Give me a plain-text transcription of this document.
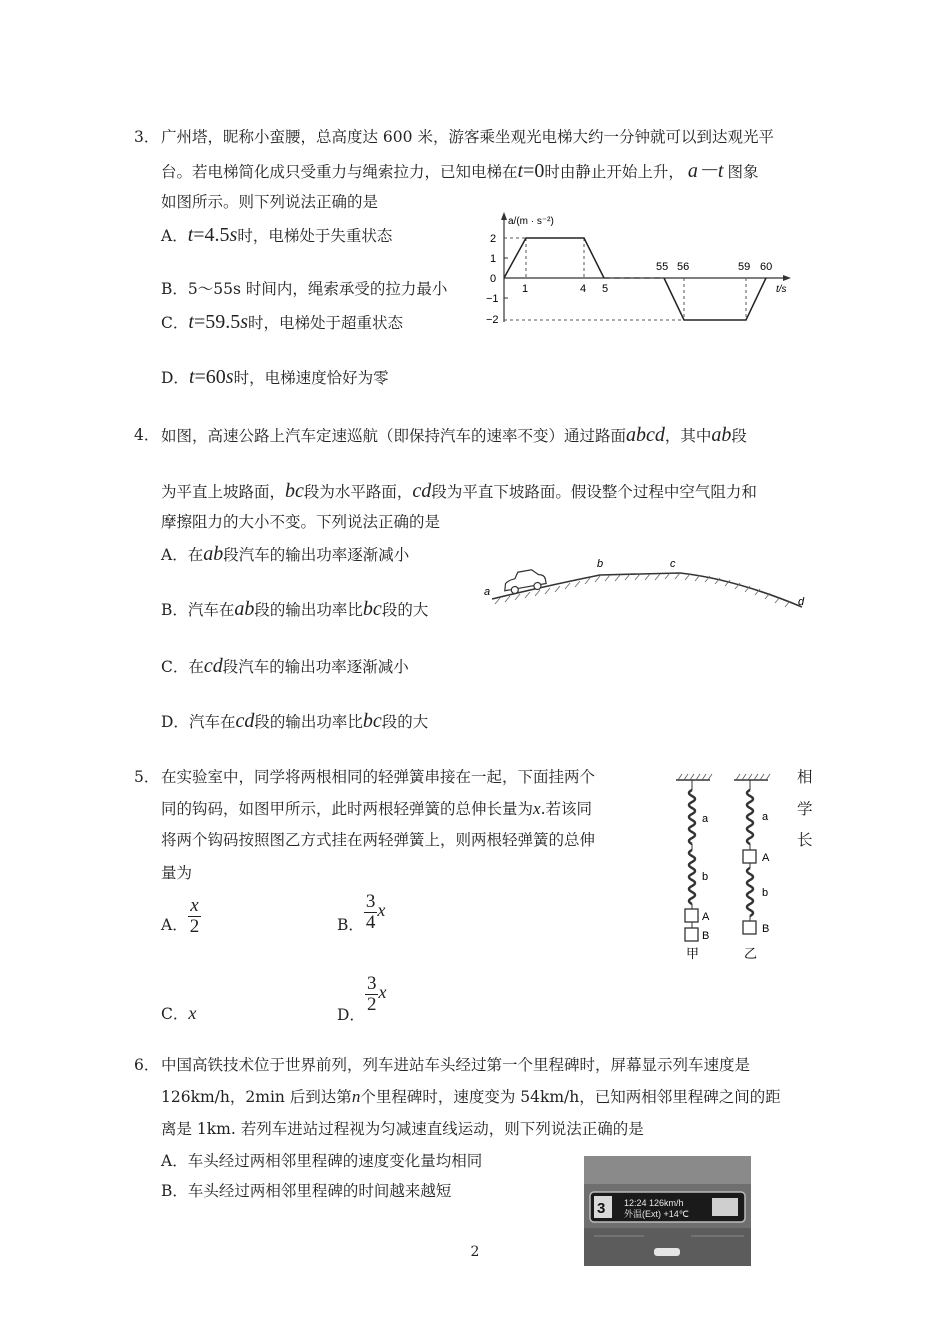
3． 广州塔，昵称小蛮腰，总高度达 600 米，游客乘坐观光电梯大约一分钟就可以到达观光平
台。若电梯简化成只受重力与绳索拉力，已知电梯在t=0时由静止开始上升， a－t 图象
如图所示。则下列说法正确的是
A．t=4.5s时，电梯处于失重状态
B．5～55s 时间内，绳索承受的拉力最小
C．t=59.5s时，电梯处于超重状态
D．t=60s时，电梯速度恰好为零
a/(m · s⁻²)
t/s
2
1
0
−1
−2
1	4 5
55 56	59 60
4． 如图，高速公路上汽车定速巡航（即保持汽车的速率不变）通过路面abcd，其中ab段
为平直上坡路面，bc段为水平路面，cd段为平直下坡路面。假设整个过程中空气阻力和
摩擦阻力的大小不变。下列说法正确的是
A．在ab段汽车的输出功率逐渐减小
B．汽车在ab段的输出功率比bc段的大
C．在cd段汽车的输出功率逐渐减小
D．汽车在cd段的输出功率比bc段的大
a
b	c
d
5． 在实验室中，同学将两根相同的轻弹簧串接在一起，下面挂两个	相
同的钩码，如图甲所示，此时两根轻弹簧的总伸长量为x.若该同	学
将两个钩码按照图乙方式挂在两轻弹簧上，则两根轻弹簧的总伸	长
量为
A． $\frac{x}{2}$	B． $\frac{3}{4}$ x
C．x	D．
$\frac{3}{2}$ x
a
b
A
B
a
A
b
B
甲	乙
6． 中国高铁技术位于世界前列，列车进站车头经过第一个里程碑时，屏幕显示列车速度是
126km/h，2min 后到达第n个里程碑时，速度变为 54km/h，已知两相邻里程碑之间的距
离是 1km. 若列车进站过程视为匀减速直线运动，则下列说法正确的是
A．车头经过两相邻里程碑的速度变化量均相同
B．车头经过两相邻里程碑的时间越来越短
3 12:24 126km/h
外温(Ext) +14℃
2
